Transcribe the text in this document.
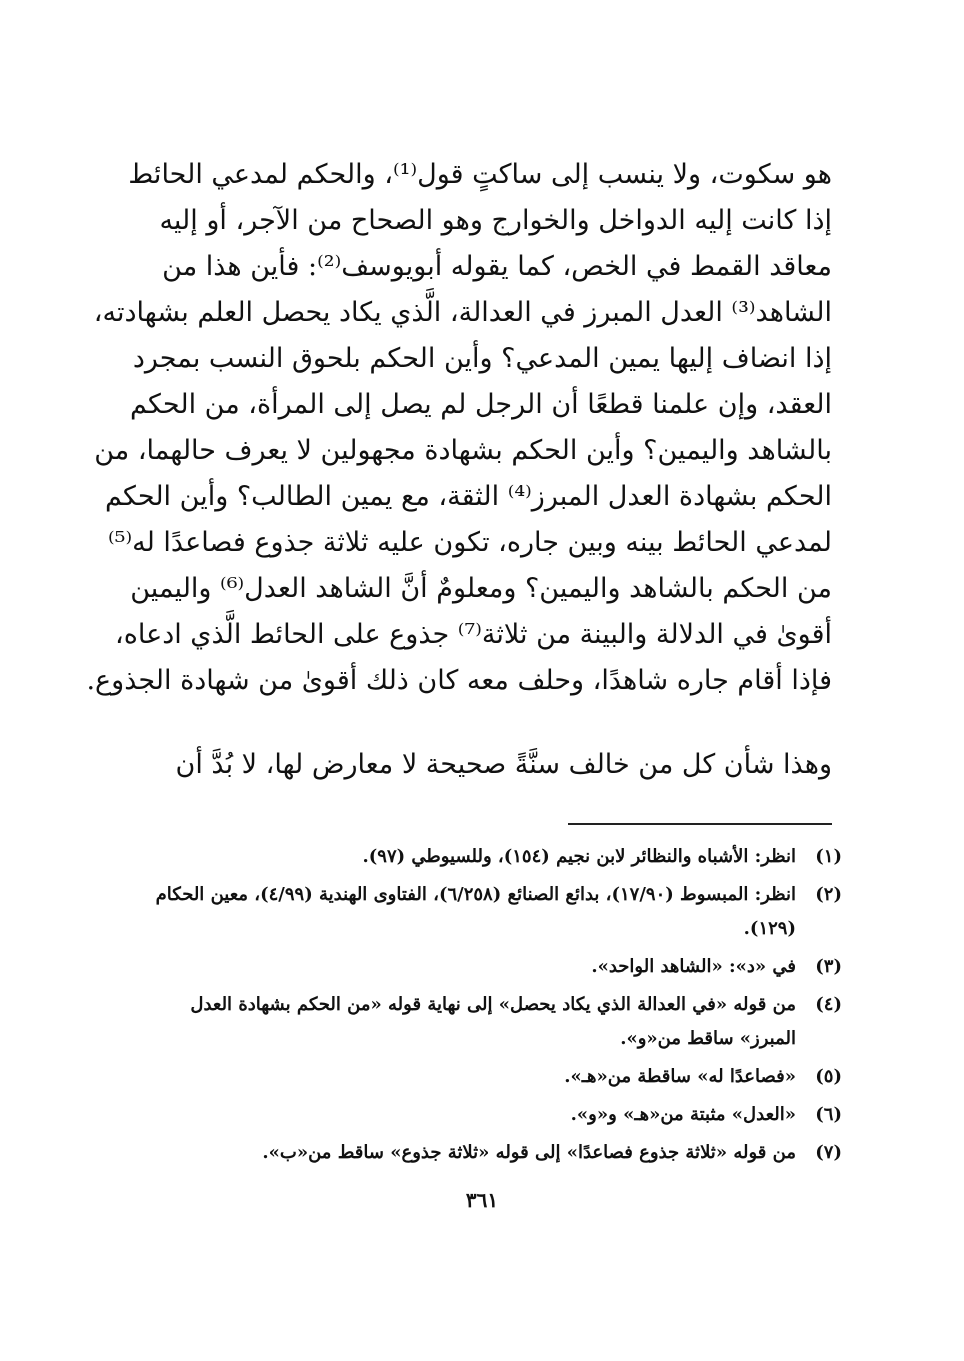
هو سكوت، ولا ينسب إلى ساكتٍ قول⁽¹⁾، والحكم لمدعي الحائط
إذا كانت إليه الدواخل والخوارج وهو الصحاح من الآجر، أو إليه
معاقد القمط في الخص، كما يقوله أبويوسف⁽²⁾: فأين هذا من
الشاهد⁽³⁾ العدل المبرز في العدالة، الَّذي يكاد يحصل العلم بشهادته،
إذا انضاف إليها يمين المدعي؟ وأين الحكم بلحوق النسب بمجرد
العقد، وإن علمنا قطعًا أن الرجل لم يصل إلى المرأة، من الحكم
بالشاهد واليمين؟ وأين الحكم بشهادة مجهولين لا يعرف حالهما، من
الحكم بشهادة العدل المبرز⁽⁴⁾ الثقة، مع يمين الطالب؟ وأين الحكم
لمدعي الحائط بينه وبين جاره، تكون عليه ثلاثة جذوع فصاعدًا له⁽⁵⁾
من الحكم بالشاهد واليمين؟ ومعلومٌ أنَّ الشاهد العدل⁽⁶⁾ واليمين
أقوىٰ في الدلالة والبينة من ثلاثة⁽⁷⁾ جذوع على الحائط الَّذي ادعاه،
فإذا أقام جاره شاهدًا، وحلف معه كان ذلك أقوىٰ من شهادة الجذوع.
وهذا شأن كل من خالف سنَّةً صحيحة لا معارض لها، لا بُدَّ أن
(١)
انظر: الأشباه والنظائر لابن نجيم (١٥٤)، وللسيوطي (٩٧).
(٢)
انظر: المبسوط (١٧/٩٠)، بدائع الصنائع (٦/٢٥٨)، الفتاوى الهندية (٤/٩٩)، معين الحكام (١٢٩).
(٣)
في «د»: «الشاهد الواحد».
(٤)
من قوله «في العدالة الذي يكاد يحصل» إلى نهاية قوله «من الحكم بشهادة العدل المبرز» ساقط من«و».
(٥)
«فصاعدًا له» ساقطة من«هـ».
(٦)
«العدل» مثبتة من«هـ» و«و».
(٧)
من قوله «ثلاثة جذوع فصاعدًا» إلى قوله «ثلاثة جذوع» ساقط من«ب».
٣٦١
